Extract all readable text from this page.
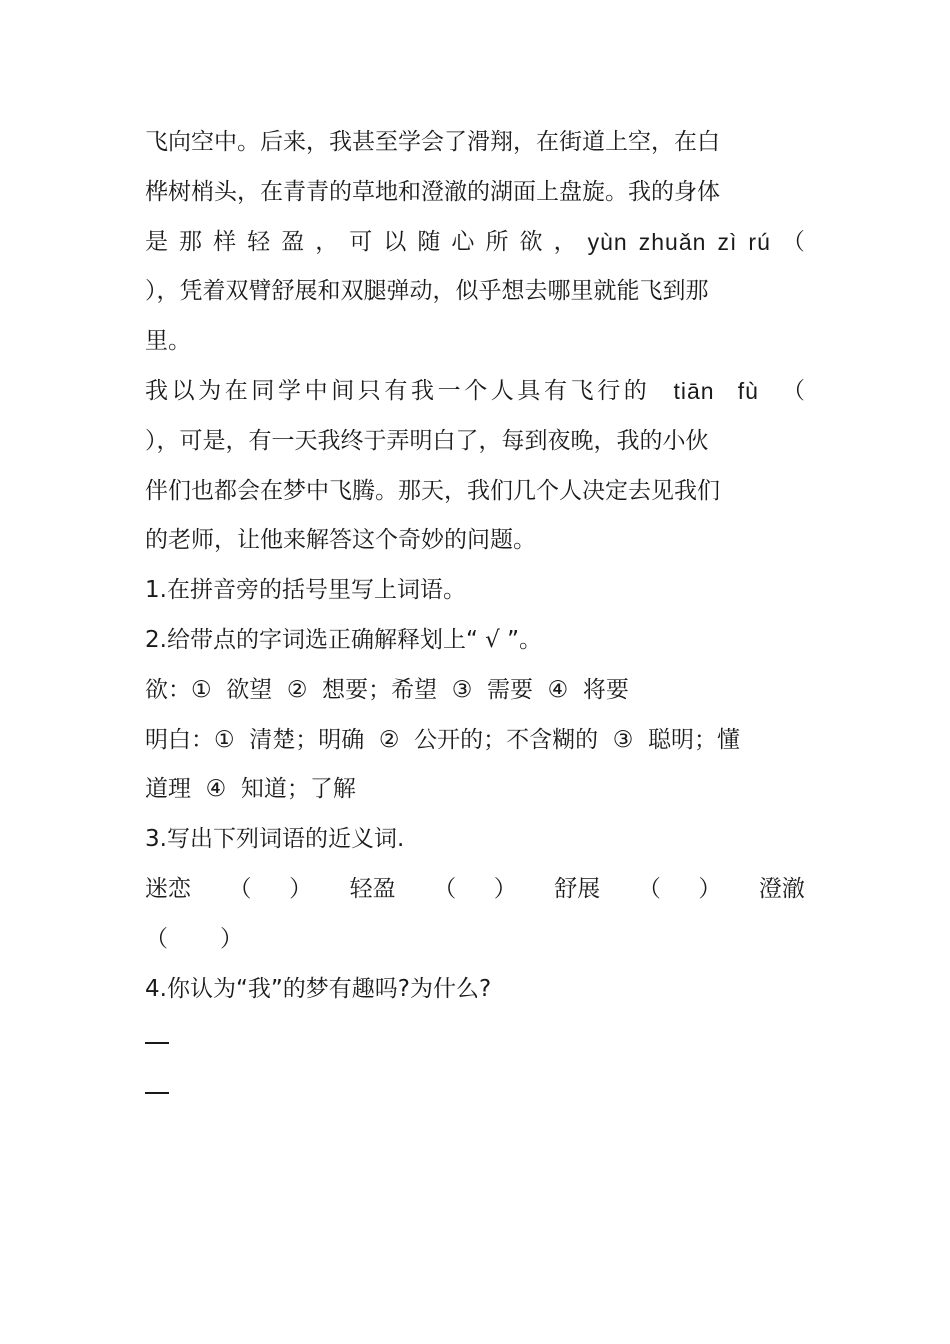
飞向空中。后来，我甚至学会了滑翔，在街道上空，在白
桦树梢头，在青青的草地和澄澈的湖面上盘旋。我的身体
是 那 样 轻 盈 ， 可 以 随 心 所 欲 ， yùn zhuǎn zì rú （
），凭着双臂舒展和双腿弹动，似乎想去哪里就能飞到那
里。
我以为在同学中间只有我一个人具有飞行的 tiān fù （
），可是，有一天我终于弄明白了，每到夜晚，我的小伙
伴们也都会在梦中飞腾。那天，我们几个人决定去见我们
的老师，让他来解答这个奇妙的问题。
1.在拼音旁的括号里写上词语。
2.给带点的字词选正确解释划上“ √ ”。
欲：①  欲望  ②  想要；希望  ③  需要  ④  将要
明白：①  清楚；明确  ②  公开的；不含糊的  ③  聪明；懂
道理  ④  知道；了解
3.写出下列词语的近义词.
迷恋 （ ） 轻盈 （ ） 舒展 （ ） 澄澈
（ ）
4.你认为“我”的梦有趣吗?为什么?
